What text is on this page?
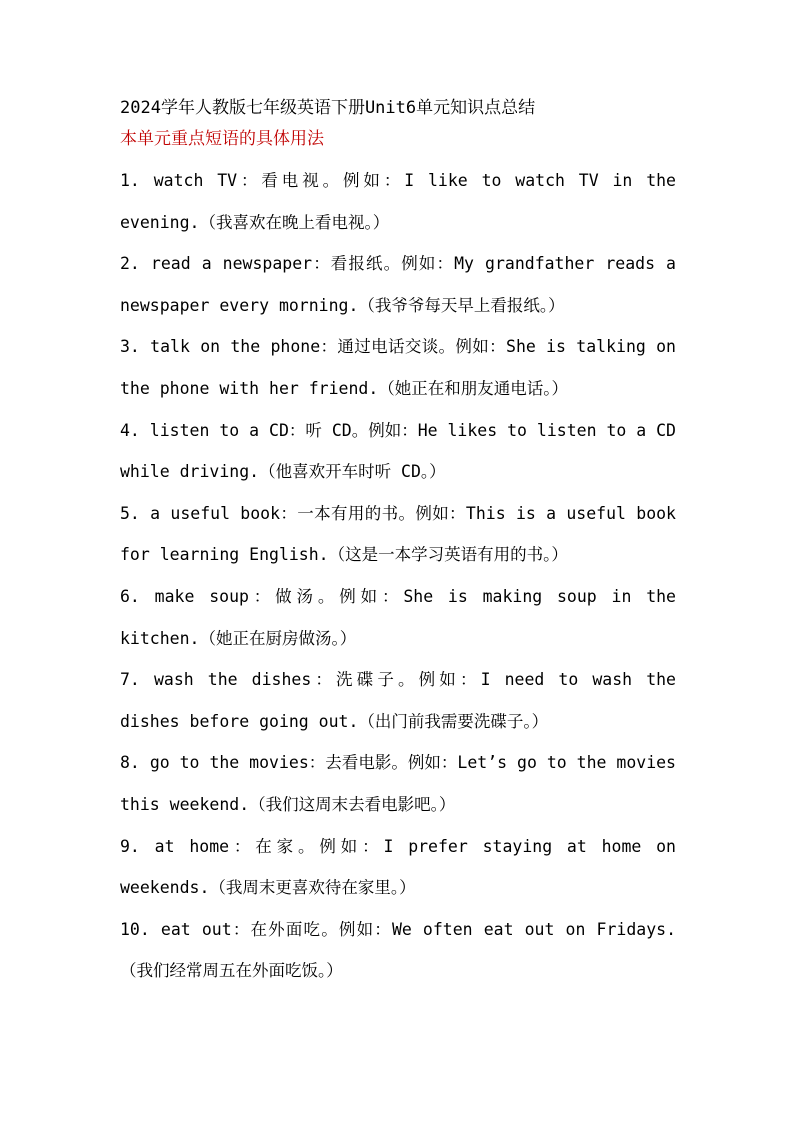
2024学年人教版七年级英语下册Unit6单元知识点总结
本单元重点短语的具体用法

1. watch TV：看电视。例如：I like to watch TV in the evening.（我喜欢在晚上看电视。）

2. read a newspaper：看报纸。例如：My grandfather reads a newspaper every morning.（我爷爷每天早上看报纸。）

3. talk on the phone：通过电话交谈。例如：She is talking on the phone with her friend.（她正在和朋友通电话。）

4. listen to a CD：听 CD。例如：He likes to listen to a CD while driving.（他喜欢开车时听 CD。）

5. a useful book：一本有用的书。例如：This is a useful book for learning English.（这是一本学习英语有用的书。）

6. make soup：做汤。例如：She is making soup in the kitchen.（她正在厨房做汤。）

7. wash the dishes：洗碟子。例如：I need to wash the dishes before going out.（出门前我需要洗碟子。）

8. go to the movies：去看电影。例如：Let’s go to the movies this weekend.（我们这周末去看电影吧。）

9. at home：在家。例如：I prefer staying at home on weekends.（我周末更喜欢待在家里。）

10. eat out：在外面吃。例如：We often eat out on Fridays.（我们经常周五在外面吃饭。）
